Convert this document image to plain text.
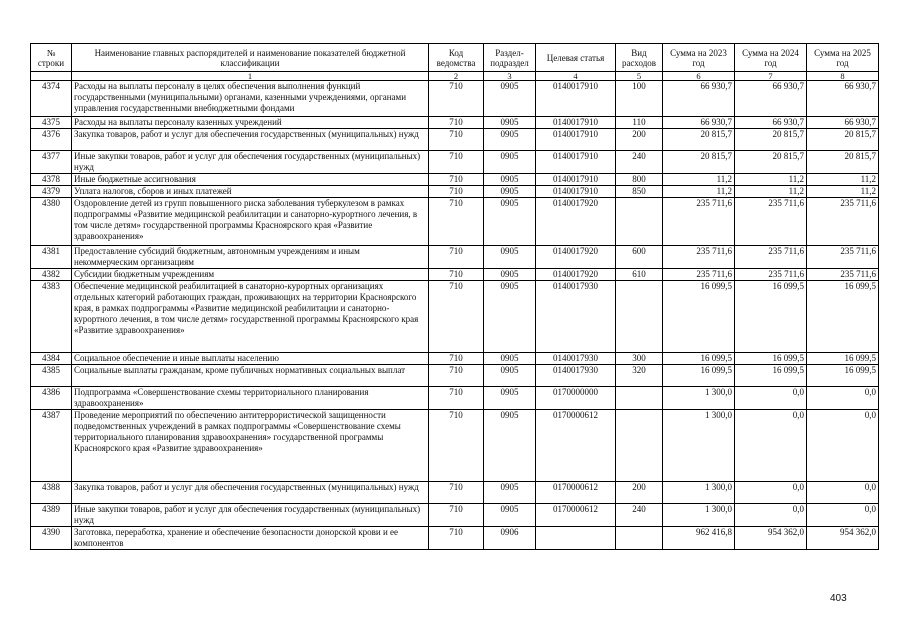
№ строки	Наименование главных распорядителей и наименование показателей бюджетной классификации	Код ведомства	Раздел-подраздел	Целевая статья	Вид расходов	Сумма на 2023 год	Сумма на 2024 год	Сумма на 2025 год
	1	2	3	4	5	6	7	8
4374	Расходы на выплаты персоналу в целях обеспечения выполнения функций государственными (муниципальными) органами, казенными учреждениями, органами управления государственными внебюджетными фондами	710	0905	0140017910	100	66 930,7	66 930,7	66 930,7
4375	Расходы на выплаты персоналу казенных учреждений	710	0905	0140017910	110	66 930,7	66 930,7	66 930,7
4376	Закупка товаров, работ и услуг для обеспечения государственных (муниципальных) нужд	710	0905	0140017910	200	20 815,7	20 815,7	20 815,7
4377	Иные закупки товаров, работ и услуг для обеспечения государственных (муниципальных) нужд	710	0905	0140017910	240	20 815,7	20 815,7	20 815,7
4378	Иные бюджетные ассигнования	710	0905	0140017910	800	11,2	11,2	11,2
4379	Уплата налогов, сборов и иных платежей	710	0905	0140017910	850	11,2	11,2	11,2
4380	Оздоровление детей из групп повышенного риска заболевания туберкулезом в рамках подпрограммы «Развитие медицинской реабилитации и санаторно-курортного лечения, в том числе детям» государственной программы Красноярского края «Развитие здравоохранения»	710	0905	0140017920		235 711,6	235 711,6	235 711,6
4381	Предоставление субсидий бюджетным, автономным учреждениям и иным некоммерческим организациям	710	0905	0140017920	600	235 711,6	235 711,6	235 711,6
4382	Субсидии бюджетным учреждениям	710	0905	0140017920	610	235 711,6	235 711,6	235 711,6
4383	Обеспечение медицинской реабилитацией в санаторно-курортных организациях отдельных категорий работающих граждан, проживающих на территории Красноярского края, в рамках подпрограммы «Развитие медицинской реабилитации и санаторно-курортного лечения, в том числе детям» государственной программы Красноярского края «Развитие здравоохранения»	710	0905	0140017930		16 099,5	16 099,5	16 099,5
4384	Социальное обеспечение и иные выплаты населению	710	0905	0140017930	300	16 099,5	16 099,5	16 099,5
4385	Социальные выплаты гражданам, кроме публичных нормативных социальных выплат	710	0905	0140017930	320	16 099,5	16 099,5	16 099,5
4386	Подпрограмма «Совершенствование схемы территориального планирования здравоохранения»	710	0905	0170000000		1 300,0	0,0	0,0
4387	Проведение мероприятий по обеспечению антитеррористической защищенности подведомственных учреждений в рамках подпрограммы «Совершенствование схемы территориального планирования здравоохранения» государственной программы Красноярского края «Развитие здравоохранения»	710	0905	0170000612		1 300,0	0,0	0,0
4388	Закупка товаров, работ и услуг для обеспечения государственных (муниципальных) нужд	710	0905	0170000612	200	1 300,0	0,0	0,0
4389	Иные закупки товаров, работ и услуг для обеспечения государственных (муниципальных) нужд	710	0905	0170000612	240	1 300,0	0,0	0,0
4390	Заготовка, переработка, хранение и обеспечение безопасности донорской крови и ее компонентов	710	0906			962 416,8	954 362,0	954 362,0
403
